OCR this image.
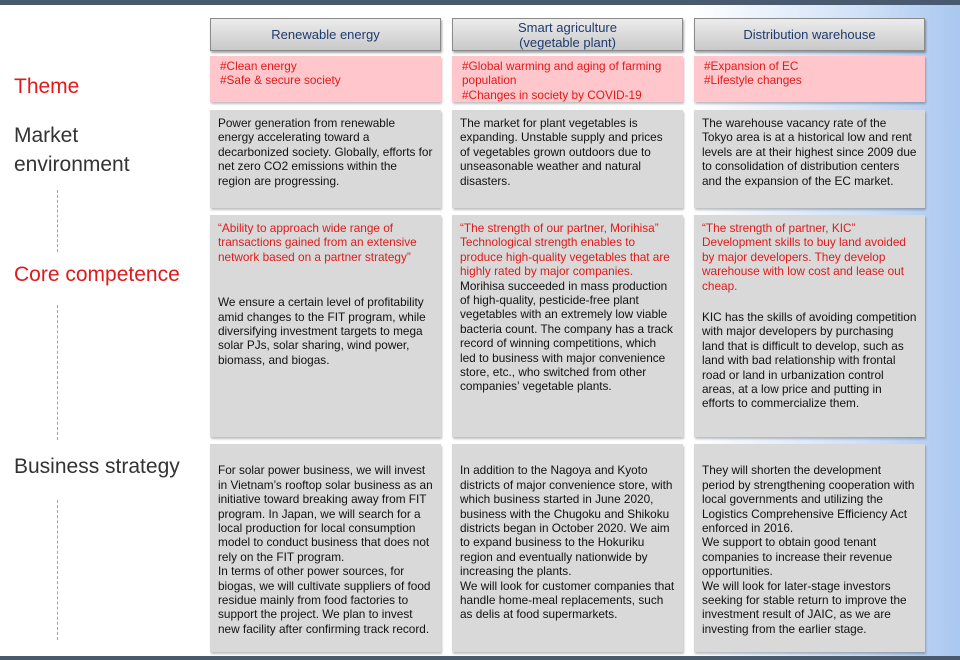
Theme
Market
environment
Core competence
Business strategy
Renewable energy

#Clean energy

#Safe & secure society

Power generation from renewable energy accelerating toward a decarbonized society. Globally, efforts for net zero CO2 emissions within the region are progressing.

“Ability to approach wide range of transactions gained from an extensive network based on a partner strategy”

We ensure a certain level of profitability amid changes to the FIT program, while diversifying investment targets to mega solar PJs, solar sharing, wind power, biomass, and biogas.

For solar power business, we will invest in Vietnam’s rooftop solar business as an initiative toward breaking away from FIT program. In Japan, we will search for a local production for local consumption model to conduct business that does not rely on the FIT program.
In terms of other power sources, for biogas, we will cultivate suppliers of food residue mainly from food factories to support the project. We plan to invest new facility after confirming track record.

Smart agriculture
(vegetable plant)

#Global warming and aging of farming population

#Changes in society by COVID-19

The market for plant vegetables is expanding. Unstable supply and prices of vegetables grown outdoors due to unseasonable weather and natural disasters.

“The strength of our partner, Morihisa”
Technological strength enables to produce high-quality vegetables that are highly rated by major companies.

Morihisa succeeded in mass production of high-quality, pesticide-free plant vegetables with an extremely low viable bacteria count. The company has a track record of winning competitions, which led to business with major convenience store, etc., who switched from other companies’ vegetable plants.

In addition to the Nagoya and Kyoto districts of major convenience store, with which business started in June 2020, business with the Chugoku and Shikoku districts began in October 2020. We aim to expand business to the Hokuriku region and eventually nationwide by increasing the plants.
We will look for customer companies that handle home-meal replacements, such as delis at food supermarkets.

Distribution warehouse

#Expansion of EC

#Lifestyle changes

The warehouse vacancy rate of the Tokyo area is at a historical low and rent levels are at their highest since 2009 due to consolidation of distribution centers and the expansion of the EC market.

“The strength of partner, KIC”
Development skills to buy land avoided by major developers. They develop warehouse with low cost and lease out cheap.

KIC has the skills of avoiding competition with major developers by purchasing land that is difficult to develop, such as land with bad relationship with frontal road or land in urbanization control areas, at a low price and putting in efforts to commercialize them.

They will shorten the development period by strengthening cooperation with local governments and utilizing the Logistics Comprehensive Efficiency Act enforced in 2016.
We support to obtain good tenant companies to increase their revenue opportunities.
We will look for later-stage investors seeking for stable return to improve the investment result of JAIC, as we are investing from the earlier stage.
